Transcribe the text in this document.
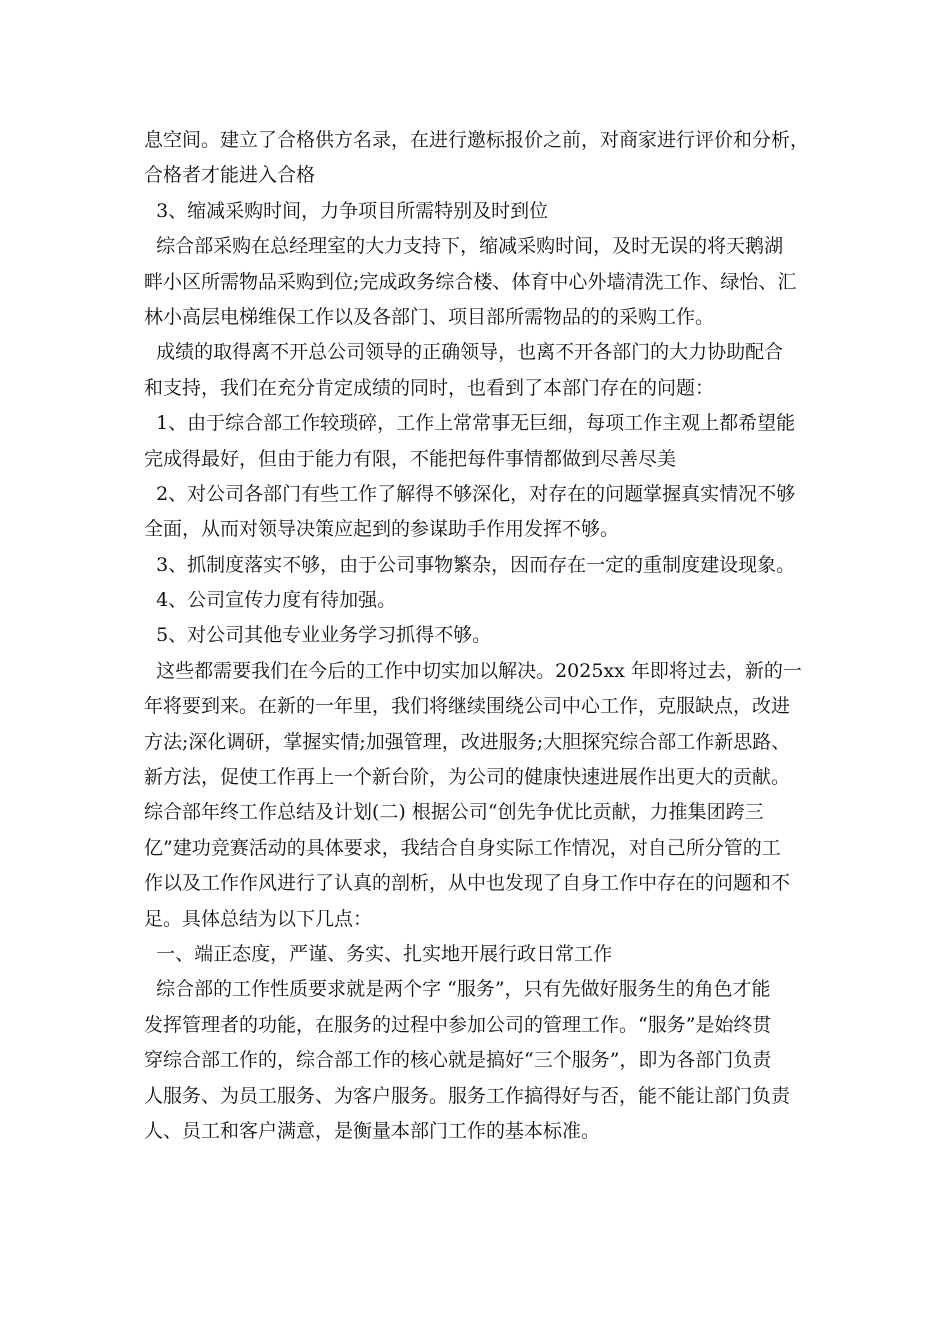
息空间。建立了合格供方名录，在进行邀标报价之前，对商家进行评价和分析，
合格者才能进入合格
3、缩减采购时间，力争项目所需特别及时到位
综合部采购在总经理室的大力支持下，缩减采购时间，及时无误的将天鹅湖
畔小区所需物品采购到位;完成政务综合楼、体育中心外墙清洗工作、绿怡、汇
林小高层电梯维保工作以及各部门、项目部所需物品的的采购工作。
成绩的取得离不开总公司领导的正确领导，也离不开各部门的大力协助配合
和支持，我们在充分肯定成绩的同时，也看到了本部门存在的问题：
1、由于综合部工作较琐碎，工作上常常事无巨细，每项工作主观上都希望能
完成得最好，但由于能力有限，不能把每件事情都做到尽善尽美
2、对公司各部门有些工作了解得不够深化，对存在的问题掌握真实情况不够
全面，从而对领导决策应起到的参谋助手作用发挥不够。
3、抓制度落实不够，由于公司事物繁杂，因而存在一定的重制度建设现象。
4、公司宣传力度有待加强。
5、对公司其他专业业务学习抓得不够。
这些都需要我们在今后的工作中切实加以解决。2025xx 年即将过去，新的一
年将要到来。在新的一年里，我们将继续围绕公司中心工作，克服缺点，改进
方法;深化调研，掌握实情;加强管理，改进服务;大胆探究综合部工作新思路、
新方法，促使工作再上一个新台阶，为公司的健康快速进展作出更大的贡献。
综合部年终工作总结及计划(二) 根据公司“创先争优比贡献，力推集团跨三
亿”建功竞赛活动的具体要求，我结合自身实际工作情况，对自己所分管的工
作以及工作作风进行了认真的剖析，从中也发现了自身工作中存在的问题和不
足。具体总结为以下几点：
一、端正态度，严谨、务实、扎实地开展行政日常工作
综合部的工作性质要求就是两个字 “服务”，只有先做好服务生的角色才能
发挥管理者的功能，在服务的过程中参加公司的管理工作。“服务”是始终贯
穿综合部工作的，综合部工作的核心就是搞好“三个服务”，即为各部门负责
人服务、为员工服务、为客户服务。服务工作搞得好与否，能不能让部门负责
人、员工和客户满意，是衡量本部门工作的基本标准。
